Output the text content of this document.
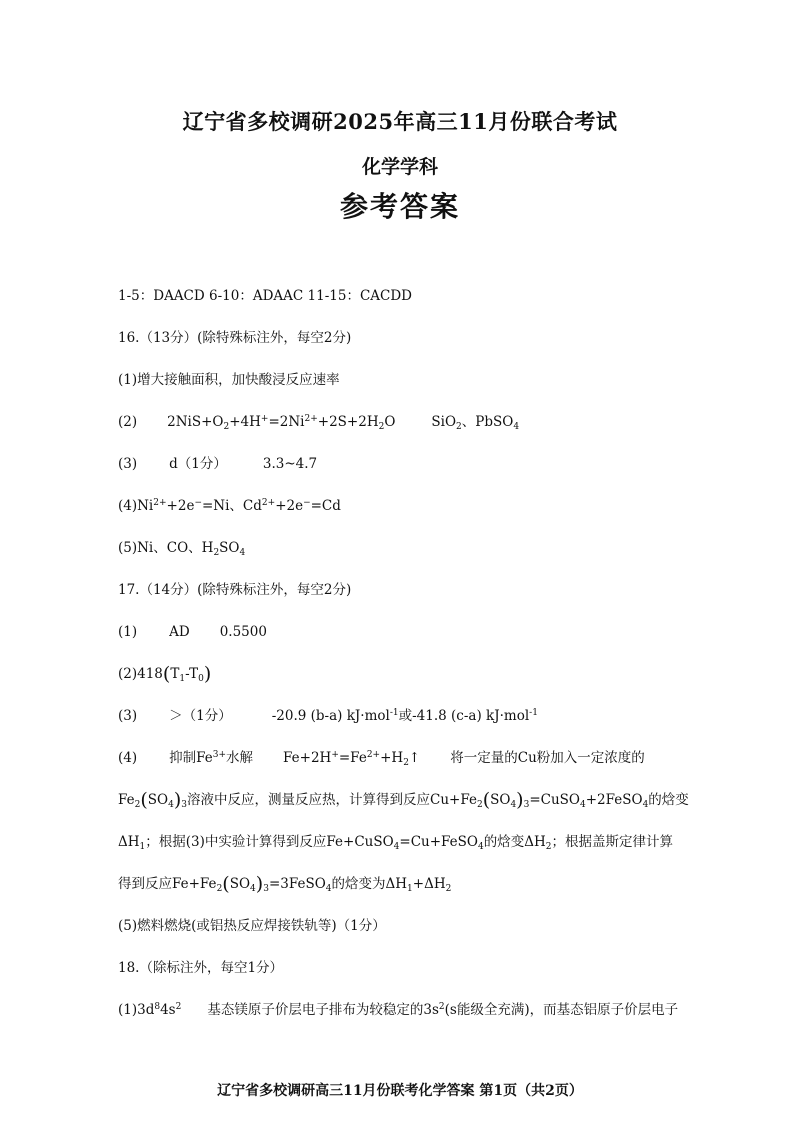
辽宁省多校调研2025年高三11月份联合考试
化学学科
参考答案
1-5：DAACD 6-10：ADAAC 11-15：CACDD
16.（13分）(除特殊标注外，每空2分)
(1)增大接触面积，加快酸浸反应速率
(2) $2NiS+O_2+4H^+=2Ni^{2+}+2S+2H_2O$	SiO$_2$、PbSO$_4$
(3) d（1分）	3.3~4.7
$(4)Ni^{2+}+2e^-=Ni$、$Cd^{2+}+2e^-=Cd$
(5)Ni、CO、$H_2SO_4$
17.（14分）(除特殊标注外，每空2分)
(1) AD 0.5500
$(2)418(T_1-T_0)$
(3) ＞（1分）	-20.9 (b-a) kJ·mol$^{-1}$或-41.8 (c-a) kJ·mol$^{-1}$
(4) 抑制$Fe^{3+}$水解 $Fe+2H^+=Fe^{2+}+H_2↑$ 将一定量的Cu粉加入一定浓度的
$Fe_2(SO_4)_3$溶液中反应，测量反应热，计算得到反应$Cu+Fe_2(SO_4)_3=CuSO_4+2FeSO_4$的焓变
$\Delta H_1$；根据(3)中实验计算得到反应Fe+CuSO$_4$=Cu+FeSO$_4$的焓变$\Delta H_2$；根据盖斯定律计算
得到反应$Fe+Fe_2(SO_4)_3=3FeSO_4$的焓变为$\Delta H_1+\Delta H_2$
(5)燃料燃烧(或铝热反应焊接铁轨等)（1分）
18.（除标注外，每空1分）
$(1)3d^84s^2$ 基态镁原子价层电子排布为较稳定的$3s^2(s$能级全充满)，而基态铝原子价层电子
辽宁省多校调研高三11月份联考化学答案 第1页（共2页）
